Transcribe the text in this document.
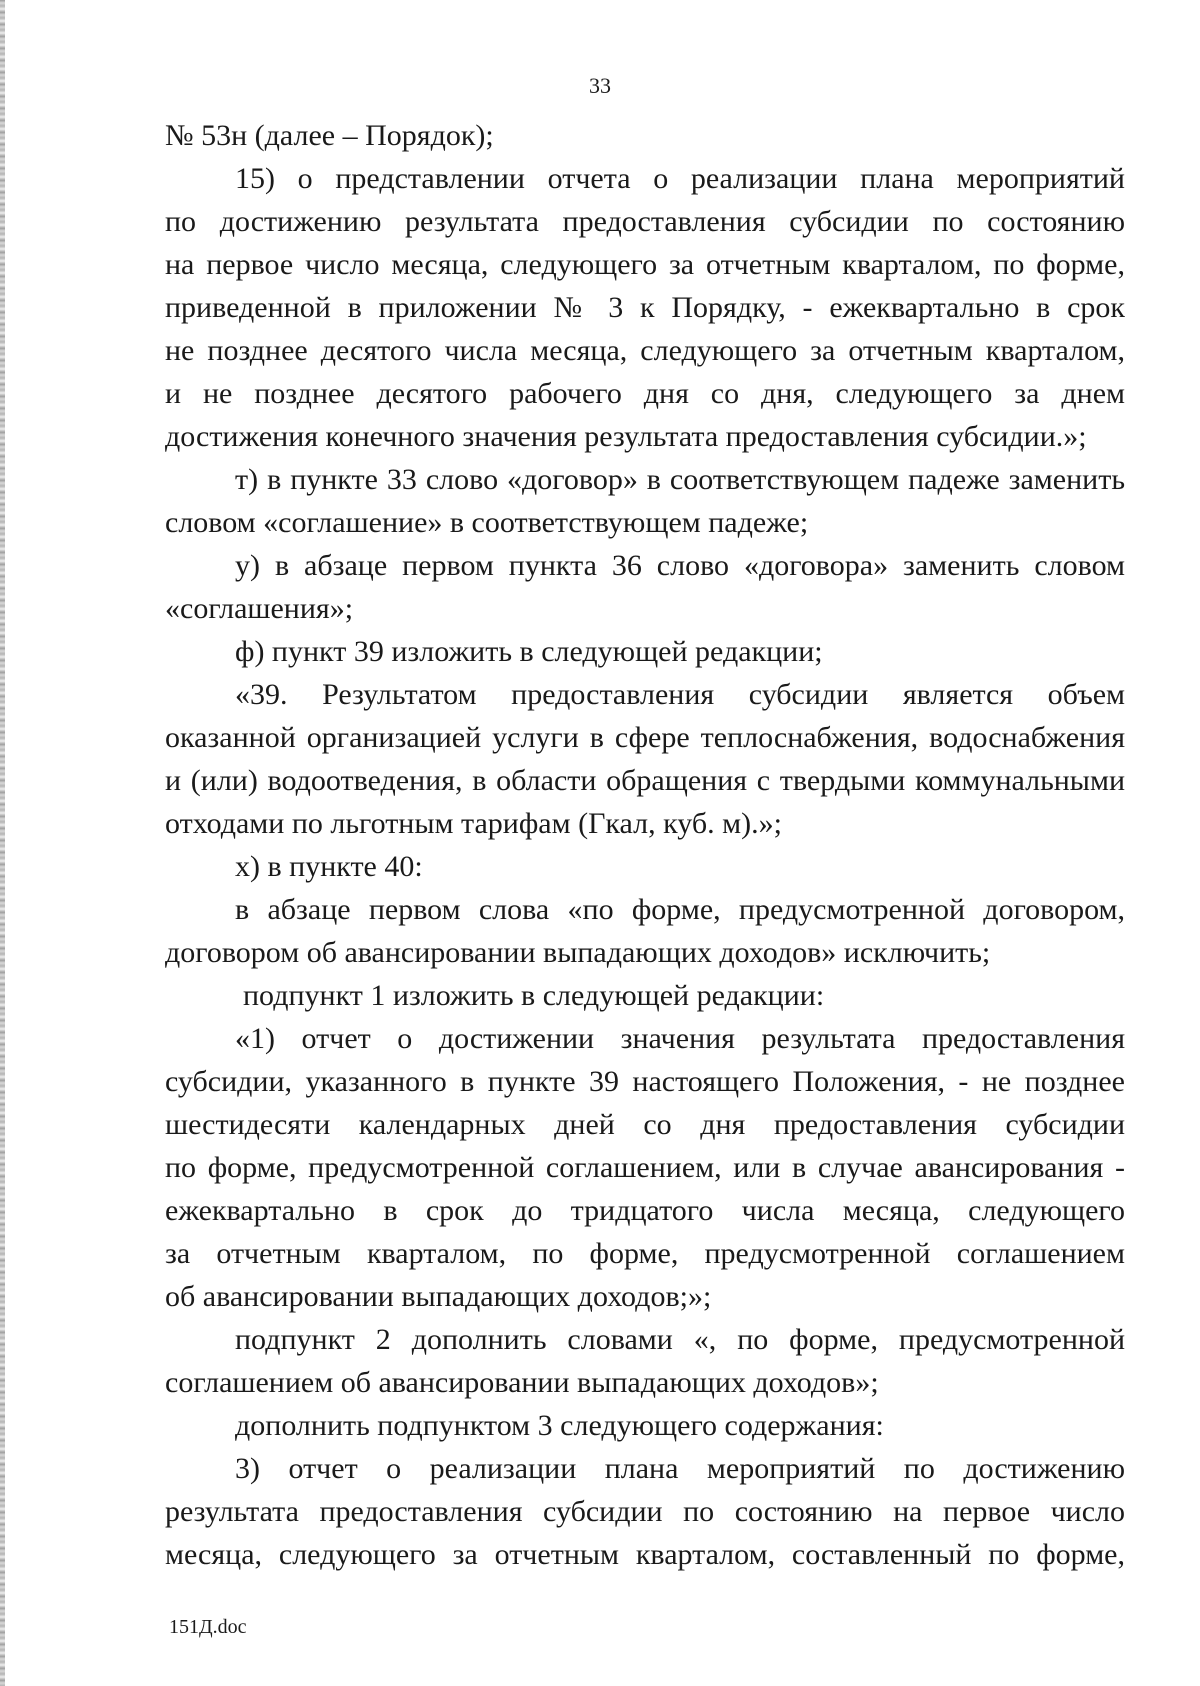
33
№ 53н (далее – Порядок);
15) о представлении отчета о реализации плана мероприятий
по достижению результата предоставления субсидии по состоянию
на первое число месяца, следующего за отчетным кварталом, по форме,
приведенной в приложении № 3 к Порядку, - ежеквартально в срок
не позднее десятого числа месяца, следующего за отчетным кварталом,
и не позднее десятого рабочего дня со дня, следующего за днем
достижения конечного значения результата предоставления субсидии.»;
т) в пункте 33 слово «договор» в соответствующем падеже заменить
словом «соглашение» в соответствующем падеже;
у) в абзаце первом пункта 36 слово «договора» заменить словом
«соглашения»;
ф) пункт 39 изложить в следующей редакции;
«39. Результатом предоставления субсидии является объем
оказанной организацией услуги в сфере теплоснабжения, водоснабжения
и (или) водоотведения, в области обращения с твердыми коммунальными
отходами по льготным тарифам (Гкал, куб. м).»;
х) в пункте 40:
в абзаце первом слова «по форме, предусмотренной договором,
договором об авансировании выпадающих доходов» исключить;
подпункт 1 изложить в следующей редакции:
«1) отчет о достижении значения результата предоставления
субсидии, указанного в пункте 39 настоящего Положения, - не позднее
шестидесяти календарных дней со дня предоставления субсидии
по форме, предусмотренной соглашением, или в случае авансирования -
ежеквартально в срок до тридцатого числа месяца, следующего
за отчетным кварталом, по форме, предусмотренной соглашением
об авансировании выпадающих доходов;»;
подпункт 2 дополнить словами «, по форме, предусмотренной
соглашением об авансировании выпадающих доходов»;
дополнить подпунктом 3 следующего содержания:
3) отчет о реализации плана мероприятий по достижению
результата предоставления субсидии по состоянию на первое число
месяца, следующего за отчетным кварталом, составленный по форме,
151Д.doc
